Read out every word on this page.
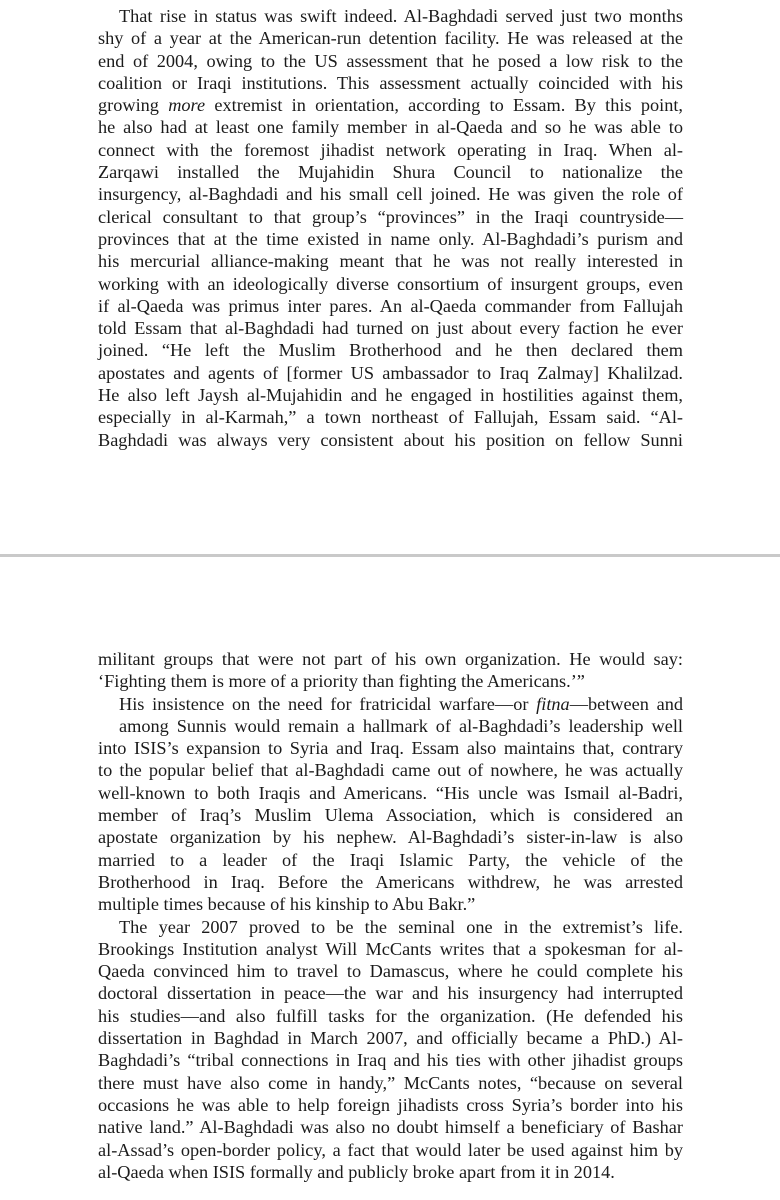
That rise in status was swift indeed. Al-Baghdadi served just two months
shy of a year at the American-run detention facility. He was released at the
end of 2004, owing to the US assessment that he posed a low risk to the
coalition or Iraqi institutions. This assessment actually coincided with his
growing more extremist in orientation, according to Essam. By this point,
he also had at least one family member in al-Qaeda and so he was able to
connect with the foremost jihadist network operating in Iraq. When al-
Zarqawi installed the Mujahidin Shura Council to nationalize the
insurgency, al-Baghdadi and his small cell joined. He was given the role of
clerical consultant to that group’s “provinces” in the Iraqi countryside—
provinces that at the time existed in name only. Al-Baghdadi’s purism and
his mercurial alliance-making meant that he was not really interested in
working with an ideologically diverse consortium of insurgent groups, even
if al-Qaeda was primus inter pares. An al-Qaeda commander from Fallujah
told Essam that al-Baghdadi had turned on just about every faction he ever
joined. “He left the Muslim Brotherhood and he then declared them
apostates and agents of [former US ambassador to Iraq Zalmay] Khalilzad.
He also left Jaysh al-Mujahidin and he engaged in hostilities against them,
especially in al-Karmah,” a town northeast of Fallujah, Essam said. “Al-
Baghdadi was always very consistent about his position on fellow Sunni
militant groups that were not part of his own organization. He would say:
‘Fighting them is more of a priority than fighting the Americans.’”
His insistence on the need for fratricidal warfare—or fitna—between and
among Sunnis would remain a hallmark of al-Baghdadi’s leadership well
into ISIS’s expansion to Syria and Iraq. Essam also maintains that, contrary
to the popular belief that al-Baghdadi came out of nowhere, he was actually
well-known to both Iraqis and Americans. “His uncle was Ismail al-Badri,
member of Iraq’s Muslim Ulema Association, which is considered an
apostate organization by his nephew. Al-Baghdadi’s sister-in-law is also
married to a leader of the Iraqi Islamic Party, the vehicle of the
Brotherhood in Iraq. Before the Americans withdrew, he was arrested
multiple times because of his kinship to Abu Bakr.”
The year 2007 proved to be the seminal one in the extremist’s life.
Brookings Institution analyst Will McCants writes that a spokesman for al-
Qaeda convinced him to travel to Damascus, where he could complete his
doctoral dissertation in peace—the war and his insurgency had interrupted
his studies—and also fulfill tasks for the organization. (He defended his
dissertation in Baghdad in March 2007, and officially became a PhD.) Al-
Baghdadi’s “tribal connections in Iraq and his ties with other jihadist groups
there must have also come in handy,” McCants notes, “because on several
occasions he was able to help foreign jihadists cross Syria’s border into his
native land.” Al-Baghdadi was also no doubt himself a beneficiary of Bashar
al-Assad’s open-border policy, a fact that would later be used against him by
al-Qaeda when ISIS formally and publicly broke apart from it in 2014.
